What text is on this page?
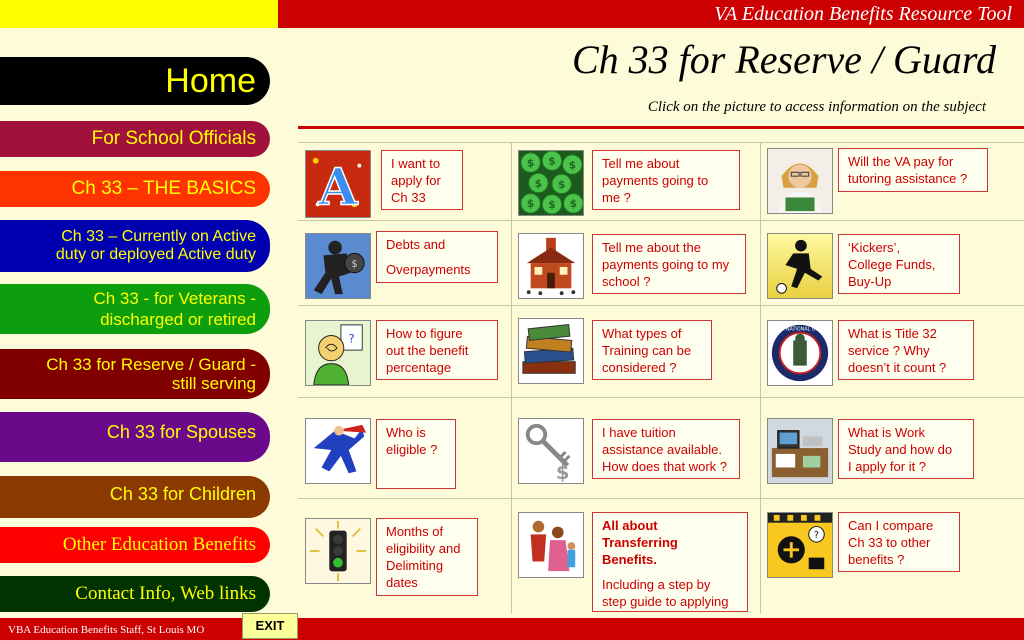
VA Education Benefits Resource Tool
Ch 33 for Reserve / Guard
Click on the picture to access information on the subject
Home
For School Officials
Ch 33 – THE BASICS
Ch 33 – Currently on Active
duty or deployed Active duty
Ch 33 - for Veterans -
discharged or retired
Ch 33 for Reserve / Guard -
still serving
Ch 33 for Spouses
Ch 33 for Children
Other Education Benefits
Contact Info, Web links
A	I want to
apply for
Ch 33
$ $ $
$ $
$ $ $
Tell me about
payments going to
me ?
Will the VA pay for
tutoring assistance ?
$
Debts and
Overpayments
Tell me about the
payments going to my
school ?
‘Kickers’,
College Funds,
Buy-Up
? How to figure
out the benefit
percentage
What types of
Training can be
considered ?
ARMY NATIONAL GUARD What is Title 32
service ? Why
doesn’t it count ?
Who is
eligible ?
$
I have tuition
assistance available.
How does that work ?
What is Work
Study and how do
I apply for it ?
Months of
eligibility and
Delimiting
dates
All about
Transferring
Benefits.
Including a step by
step guide to applying
?
Can I compare
Ch 33 to other
benefits ?
VBA Education Benefits Staff, St Louis MO	EXIT
